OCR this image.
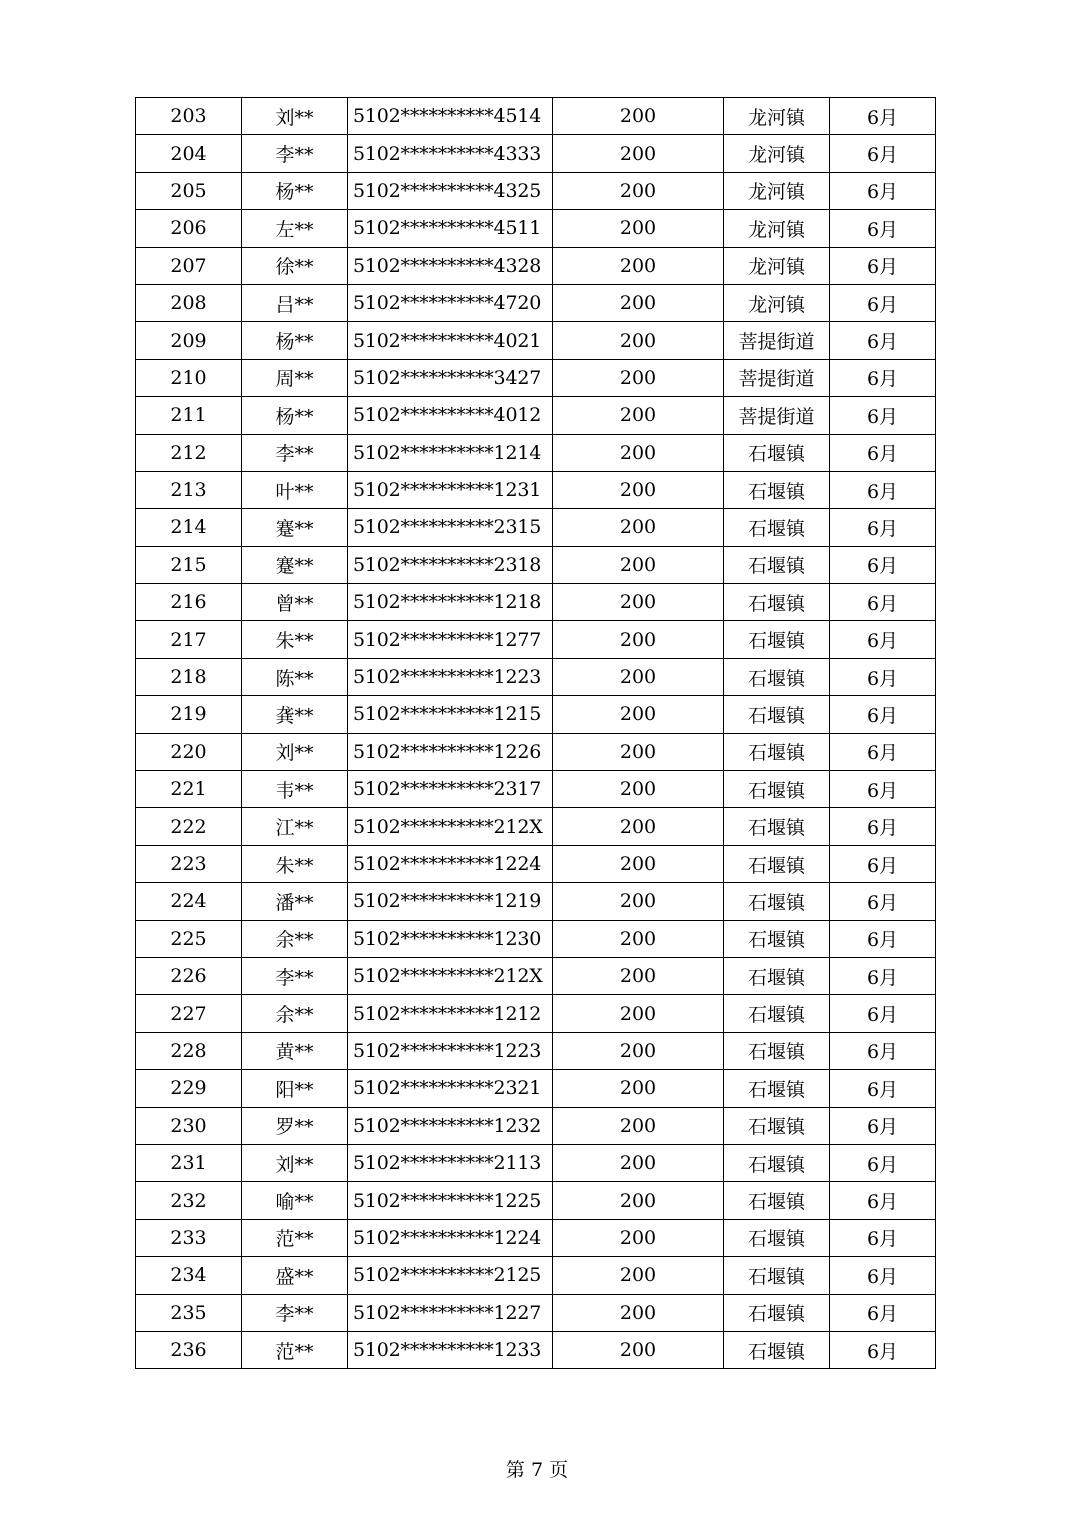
203	刘**	5102**********4514	200	龙河镇	6月
204	李**	5102**********4333	200	龙河镇	6月
205	杨**	5102**********4325	200	龙河镇	6月
206	左**	5102**********4511	200	龙河镇	6月
207	徐**	5102**********4328	200	龙河镇	6月
208	吕**	5102**********4720	200	龙河镇	6月
209	杨**	5102**********4021	200	菩提街道	6月
210	周**	5102**********3427	200	菩提街道	6月
211	杨**	5102**********4012	200	菩提街道	6月
212	李**	5102**********1214	200	石堰镇	6月
213	叶**	5102**********1231	200	石堰镇	6月
214	蹇**	5102**********2315	200	石堰镇	6月
215	蹇**	5102**********2318	200	石堰镇	6月
216	曾**	5102**********1218	200	石堰镇	6月
217	朱**	5102**********1277	200	石堰镇	6月
218	陈**	5102**********1223	200	石堰镇	6月
219	龚**	5102**********1215	200	石堰镇	6月
220	刘**	5102**********1226	200	石堰镇	6月
221	韦**	5102**********2317	200	石堰镇	6月
222	江**	5102**********212X	200	石堰镇	6月
223	朱**	5102**********1224	200	石堰镇	6月
224	潘**	5102**********1219	200	石堰镇	6月
225	余**	5102**********1230	200	石堰镇	6月
226	李**	5102**********212X	200	石堰镇	6月
227	余**	5102**********1212	200	石堰镇	6月
228	黄**	5102**********1223	200	石堰镇	6月
229	阳**	5102**********2321	200	石堰镇	6月
230	罗**	5102**********1232	200	石堰镇	6月
231	刘**	5102**********2113	200	石堰镇	6月
232	喻**	5102**********1225	200	石堰镇	6月
233	范**	5102**********1224	200	石堰镇	6月
234	盛**	5102**********2125	200	石堰镇	6月
235	李**	5102**********1227	200	石堰镇	6月
236	范**	5102**********1233	200	石堰镇	6月
第 7 页
